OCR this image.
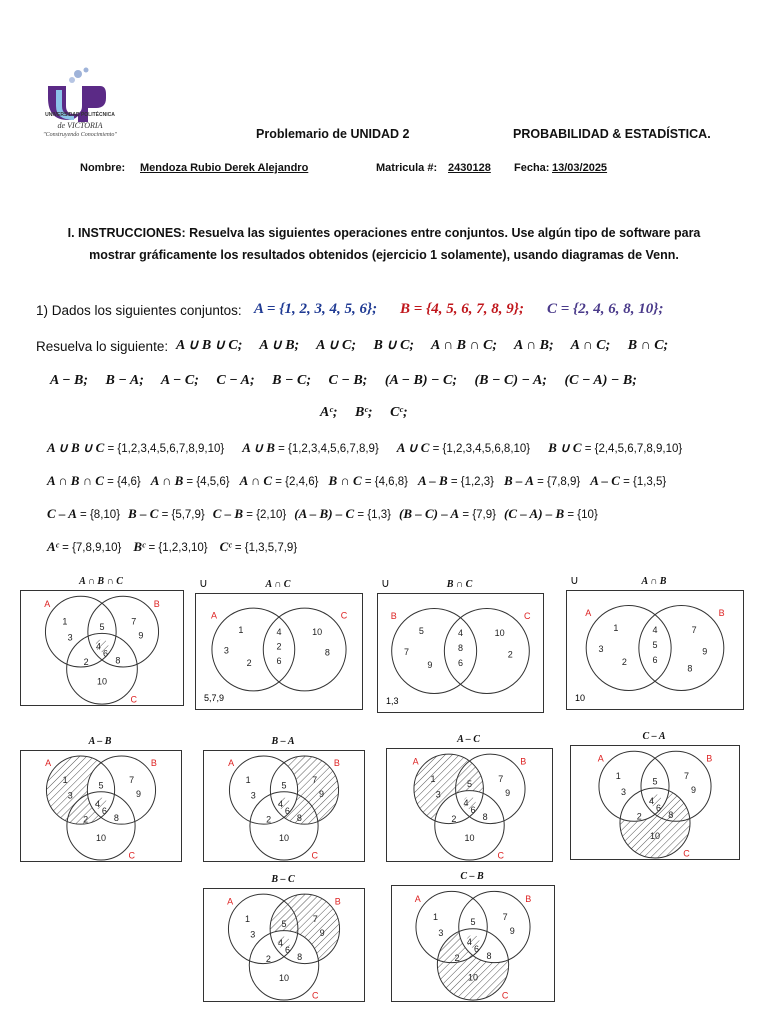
UNIVERSIDAD POLITÉCNICA
de VICTORIA
"Construyendo Conocimiento"	Problemario de UNIDAD 2	PROBABILIDAD & ESTADÍSTICA.
Nombre: Mendoza Rubio Derek Alejandro	Matricula #: 2430128 Fecha: 13/03/2025
I. INSTRUCCIONES: Resuelva las siguientes operaciones entre conjuntos. Use algún tipo de software para
mostrar gráficamente los resultados obtenidos (ejercicio 1 solamente), usando diagramas de Venn.
1) Dados los siguientes conjuntos: A = {1, 2, 3, 4, 5, 6}; B = {4, 5, 6, 7, 8, 9}; C = {2, 4, 6, 8, 10};
Resuelva lo siguiente: A ∪ B ∪ C;     A ∪ B;     A ∪ C;     B ∪ C;     A ∩ B ∩ C;     A ∩ B;     A ∩ C;     B ∩ C;
A − B;     B − A;     A − C;     C − A;     B − C;     C − B;     (A − B) − C;     (B − C) − A;     (C − A) − B;
Aᶜ;     Bᶜ;     Cᶜ;
A ∪ B ∪ C = {1,2,3,4,5,6,7,8,9,10} A ∪ B = {1,2,3,4,5,6,7,8,9} A ∪ C = {1,2,3,4,5,6,8,10} B ∪ C = {2,4,5,6,7,8,9,10}
A ∩ B ∩ C = {4,6} A ∩ B = {4,5,6} A ∩ C = {2,4,6} B ∩ C = {4,6,8} A – B = {1,2,3} B – A = {7,8,9} A – C = {1,3,5}
C – A = {8,10} B – C = {5,7,9} C – B = {2,10} (A – B) – C = {1,3} (B – C) – A = {7,9} (C – A) – B = {10}
Aᶜ = {7,8,9,10} Bᶜ = {1,2,3,10} Cᶜ = {1,3,5,7,9}
A ∩ B ∩ C
A	B
C
1
3
5
7
9
2	8
10
4
6
A ∩ C
∪
A	C
1
3
2
4
2
6
10
8
5,7,9
B ∩ C
∪
B	C
5
7
9
4
8
6
10
2
1,3
A ∩ B
∪
A	B
1
3
2
4
5
6
7
9
8
10
A – B
A	B
C
1
3
5
7
9
2	8
10
4
6
B – A
A	B
C
1
3
5
7
9
2	8
10
4
6
A – C
A	B
C
1
3
5
7
9
2	8
10
4
6
C – A
A	B
C
1
3
5
7
9
2	8
10
4
6
B – C
A	B
C
1
3
5
7
9
2	8
10
4
6
C – B
A	B
C
1
3
5
7
9
2	8
10
4
6
